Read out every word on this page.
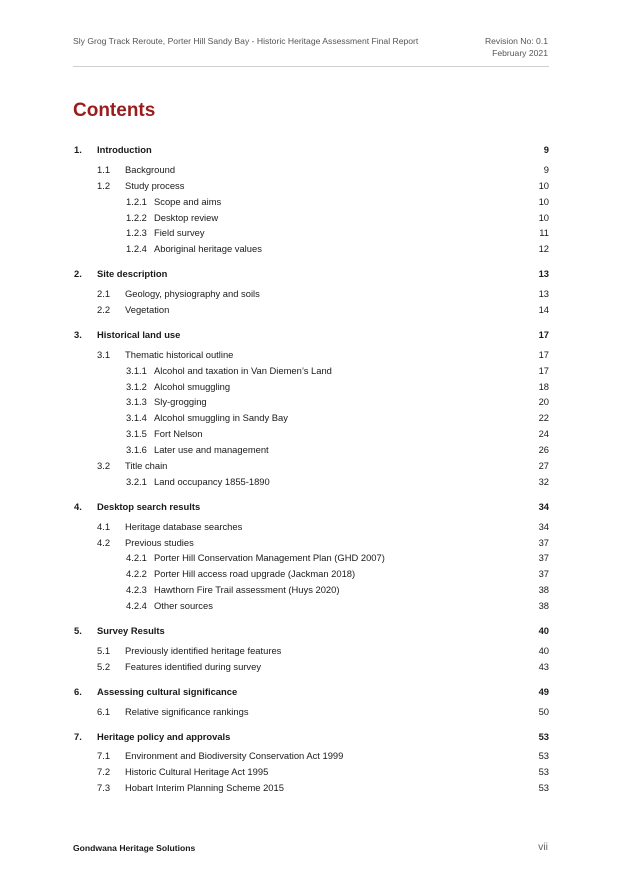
Sly Grog Track Reroute, Porter Hill Sandy Bay - Historic Heritage Assessment Final Report	Revision No: 0.1
February 2021
Contents
1. Introduction	9
1.1 Background	9
1.2 Study process	10
1.2.1 Scope and aims	10
1.2.2 Desktop review	10
1.2.3 Field survey	11
1.2.4 Aboriginal heritage values	12
2. Site description	13
2.1 Geology, physiography and soils	13
2.2 Vegetation	14
3. Historical land use	17
3.1 Thematic historical outline	17
3.1.1 Alcohol and taxation in Van Diemen’s Land	17
3.1.2 Alcohol smuggling	18
3.1.3 Sly-grogging	20
3.1.4 Alcohol smuggling in Sandy Bay	22
3.1.5 Fort Nelson	24
3.1.6 Later use and management	26
3.2 Title chain	27
3.2.1 Land occupancy 1855-1890	32
4. Desktop search results	34
4.1 Heritage database searches	34
4.2 Previous studies	37
4.2.1 Porter Hill Conservation Management Plan (GHD 2007)	37
4.2.2 Porter Hill access road upgrade (Jackman 2018)	37
4.2.3 Hawthorn Fire Trail assessment (Huys 2020)	38
4.2.4 Other sources	38
5. Survey Results	40
5.1 Previously identified heritage features	40
5.2 Features identified during survey	43
6. Assessing cultural significance	49
6.1 Relative significance rankings	50
7. Heritage policy and approvals	53
7.1 Environment and Biodiversity Conservation Act 1999	53
7.2 Historic Cultural Heritage Act 1995	53
7.3 Hobart Interim Planning Scheme 2015	53
Gondwana Heritage Solutions	vii
